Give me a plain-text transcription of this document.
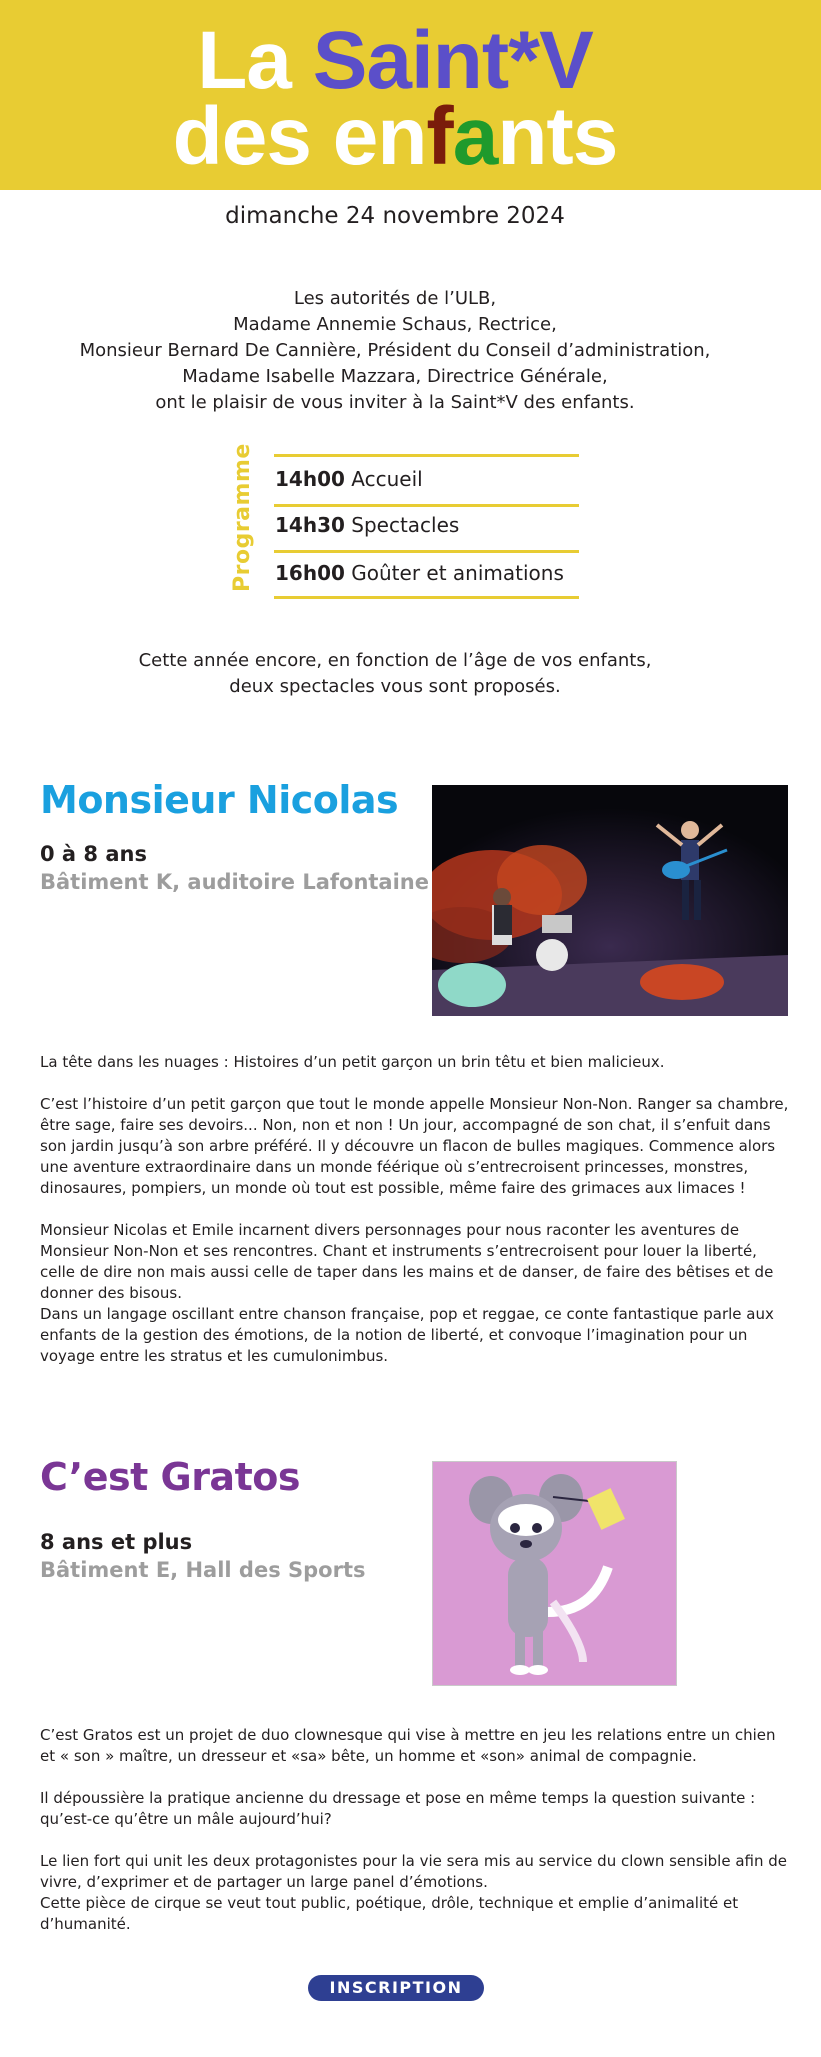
La Saint*V
des enfants
dimanche 24 novembre 2024
Les autorités de l’ULB,
Madame Annemie Schaus, Rectrice,
Monsieur Bernard De Cannière, Président du Conseil d’administration,
Madame Isabelle Mazzara, Directrice Générale,
ont le plaisir de vous inviter à la Saint*V des enfants.
Programme 14h00 Accueil
14h30 Spectacles
16h00 Goûter et animations
Cette année encore, en fonction de l’âge de vos enfants,
deux spectacles vous sont proposés.
Monsieur Nicolas
0 à 8 ans
Bâtiment K, auditoire Lafontaine

La tête dans les nuages : Histoires d’un petit garçon un brin têtu et bien malicieux.

C’est l’histoire d’un petit garçon que tout le monde appelle Monsieur Non-Non. Ranger sa chambre, être sage, faire ses devoirs... Non, non et non ! Un jour, accompagné de son chat, il s’enfuit dans son jardin jusqu’à son arbre préféré. Il y découvre un flacon de bulles magiques. Commence alors une aventure extraordinaire dans un monde féérique où s’entrecroisent princesses, monstres, dinosaures, pompiers, un monde où tout est possible, même faire des grimaces aux limaces !

Monsieur Nicolas et Emile incarnent divers personnages pour nous raconter les aventures de Monsieur Non-Non et ses rencontres. Chant et instruments s’entrecroisent pour louer la liberté, celle de dire non mais aussi celle de taper dans les mains et de danser, de faire des bêtises et de donner des bisous.

Dans un langage oscillant entre chanson française, pop et reggae, ce conte fantastique parle aux enfants de la gestion des émotions, de la notion de liberté, et convoque l’imagination pour un voyage entre les stratus et les cumulonimbus.

C’est Gratos
8 ans et plus
Bâtiment E, Hall des Sports

C’est Gratos est un projet de duo clownesque qui vise à mettre en jeu les relations entre un chien et « son » maître, un dresseur et «sa» bête, un homme et «son» animal de compagnie.

Il dépoussière la pratique ancienne du dressage et pose en même temps la question suivante : qu’est-ce qu’être un mâle aujourd’hui?

Le lien fort qui unit les deux protagonistes pour la vie sera mis au service du clown sensible afin de vivre, d’exprimer et de partager un large panel d’émotions.

Cette pièce de cirque se veut tout public, poétique, drôle, technique et emplie d’animalité et d’humanité.

INSCRIPTION
